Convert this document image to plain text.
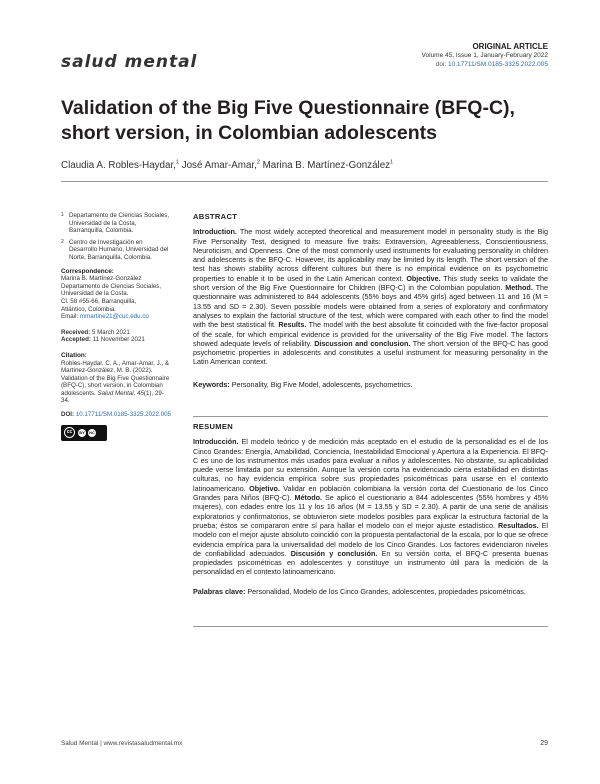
salud mental
ORIGINAL ARTICLE
Volume 45, Issue 1, January-February 2022
doi: 10.17711/SM.0185-3325.2022.005
Validation of the Big Five Questionnaire (BFQ-C), short version, in Colombian adolescents
Claudia A. Robles-Haydar,$^1$ José Amar-Amar,$^2$ Marina B. Martínez-González$^1$
1 Departamento de Ciencias Sociales, Universidad de la Costa, Barranquilla, Colombia.
2 Centro de Investigación en Desarrollo Humano, Universidad del Norte, Barranquilla, Colombia.
Correspondence:
Marina B. Martínez-González
Departamento de Ciencias Sociales,
Universidad de la Costa.
Cl. 58 #55-66, Barranquilla,
Atlántico, Colombia.
Email: mmartine21@cuc.edu.co
Received: 5 March 2021
Accepted: 11 November 2021
Citation:
Robles-Haydar, C. A., Amar-Amar, J., & Martínez-González, M. B. (2022). Validation of the Big Five Questionnaire (BFQ-C), short version, in Colombian adolescents. Salud Mental, 45(1), 29-34.
DOI: 10.17711/SM.0185-3325.2022.005
cc	BY	NC
ABSTRACT

Introduction. The most widely accepted theoretical and measurement model in personality study is the Big Five Personality Test, designed to measure five traits: Extraversion, Agreeableness, Conscientiousness, Neuroticism, and Openness. One of the most commonly used instruments for evaluating personality in children and adolescents is the BFQ-C. However, its applicability may be limited by its length. The short version of the test has shown stability across different cultures but there is no empirical evidence on its psychometric properties to enable it to be used in the Latin American context. Objective. This study seeks to validate the short version of the Big Five Questionnaire for Children (BFQ-C) in the Colombian population. Method. The questionnaire was administered to 844 adolescents (55% boys and 45% girls) aged between 11 and 16 (M = 13.55 and SD = 2.30). Seven possible models were obtained from a series of exploratory and confirmatory analyses to explain the factorial structure of the test, which were compared with each other to find the model with the best statistical fit. Results. The model with the best absolute fit coincided with the five-factor proposal of the scale, for which empirical evidence is provided for the universality of the Big Five model. The factors showed adequate levels of reliability. Discussion and conclusion. The short version of the BFQ-C has good psychometric properties in adolescents and constitutes a useful instrument for measuring personality in the Latin American context.

Keywords: Personality, Big Five Model, adolescents, psychometrics.

RESUMEN

Introducción. El modelo teórico y de medición más aceptado en el estudio de la personalidad es el de los Cinco Grandes: Energía, Amabilidad, Conciencia, Inestabilidad Emocional y Apertura a la Experiencia. El BFQ-C es uno de los instrumentos más usados para evaluar a niños y adolescentes. No obstante, su aplicabilidad puede verse limitada por su extensión. Aunque la versión corta ha evidenciado cierta estabilidad en distintas culturas, no hay evidencia empírica sobre sus propiedades psicométricas para usarse en el contexto latinoamericano. Objetivo. Validar en población colombiana la versión corta del Cuestionario de los Cinco Grandes para Niños (BFQ-C). Método. Se aplicó el cuestionario a 844 adolescentes (55% hombres y 45% mujeres), con edades entre los 11 y los 16 años (M = 13.55 y SD = 2.30). A partir de una serie de análisis exploratorios y confirmatorios, se obtuvieron siete modelos posibles para explicar la estructura factorial de la prueba; éstos se compararon entre sí para hallar el modelo con el mejor ajuste estadístico. Resultados. El modelo con el mejor ajuste absoluto coincidió con la propuesta pentafactorial de la escala, por lo que se ofrece evidencia empírica para la universalidad del modelo de los Cinco Grandes. Los factores evidenciaron niveles de confiabilidad adecuados. Discusión y conclusión. En su versión corta, el BFQ-C presenta buenas propiedades psicométricas en adolescentes y constituye un instrumento útil para la medición de la personalidad en el contexto latinoamericano.

Palabras clave: Personalidad, Modelo de los Cinco Grandes, adolescentes, propiedades psicométricas.

Salud Mental | www.revistasaludmental.mx	29
